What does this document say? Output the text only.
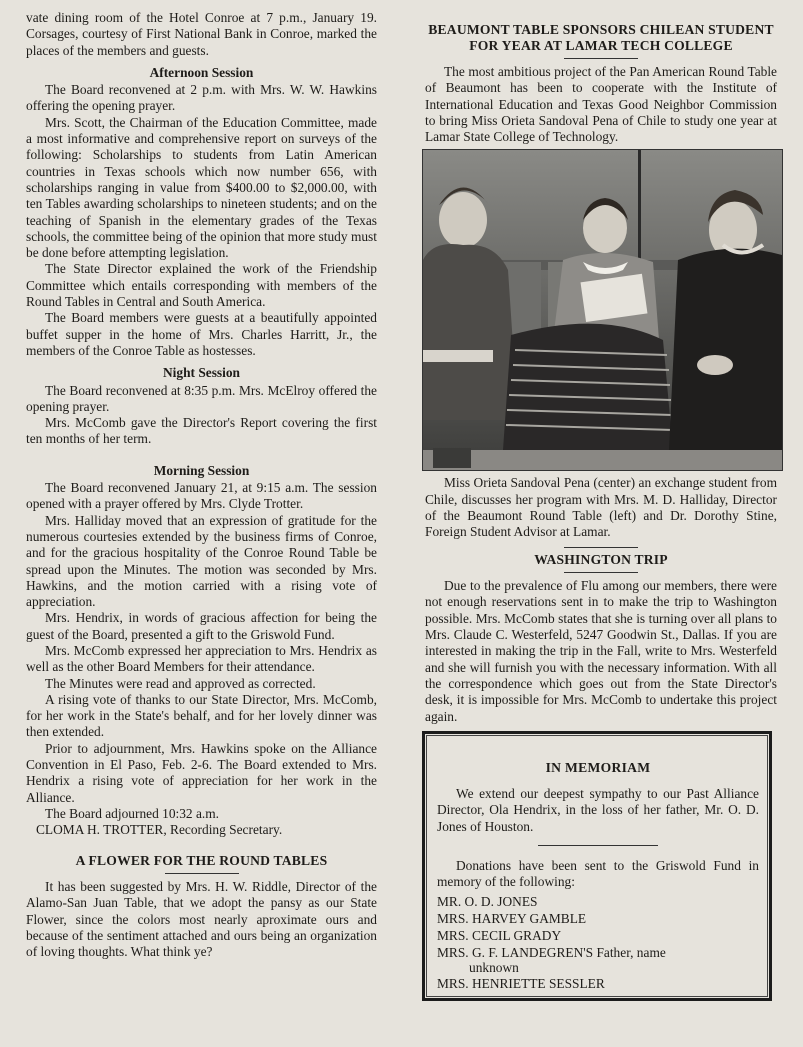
vate dining room of the Hotel Conroe at 7 p.m., January 19. Corsages, courtesy of First National Bank in Conroe, marked the places of the members and guests.

Afternoon Session

The Board reconvened at 2 p.m. with Mrs. W. W. Hawkins offering the opening prayer.

Mrs. Scott, the Chairman of the Education Committee, made a most informative and comprehensive report on surveys of the following: Scholarships to students from Latin American countries in Texas schools which now number 656, with scholarships ranging in value from $400.00 to $2,000.00, with ten Tables awarding scholarships to nineteen students; and on the teaching of Spanish in the elementary grades of the Texas schools, the committee being of the opinion that more study must be done before attempting legislation.

The State Director explained the work of the Friendship Committee which entails corresponding with members of the Round Tables in Central and South America.

The Board members were guests at a beautifully appointed buffet supper in the home of Mrs. Charles Harritt, Jr., the members of the Conroe Table as hostesses.

Night Session

The Board reconvened at 8:35 p.m. Mrs. McElroy offered the opening prayer.

Mrs. McComb gave the Director's Report covering the first ten months of her term.

Morning Session

The Board reconvened January 21, at 9:15 a.m. The session opened with a prayer offered by Mrs. Clyde Trotter.

Mrs. Halliday moved that an expression of gratitude for the numerous courtesies extended by the business firms of Conroe, and for the gracious hospitality of the Conroe Round Table be spread upon the Minutes. The motion was seconded by Mrs. Hawkins, and the motion carried with a rising vote of appreciation.

Mrs. Hendrix, in words of gracious affection for being the guest of the Board, presented a gift to the Griswold Fund.

Mrs. McComb expressed her appreciation to Mrs. Hendrix as well as the other Board Members for their attendance.

The Minutes were read and approved as corrected.

A rising vote of thanks to our State Director, Mrs. McComb, for her work in the State's behalf, and for her lovely dinner was then extended.

Prior to adjournment, Mrs. Hawkins spoke on the Alliance Convention in El Paso, Feb. 2-6. The Board extended to Mrs. Hendrix a rising vote of appreciation for her work in the Alliance.

The Board adjourned 10:32 a.m.

CLOMA H. TROTTER, Recording Secretary.

A FLOWER FOR THE ROUND TABLES

It has been suggested by Mrs. H. W. Riddle, Director of the Alamo-San Juan Table, that we adopt the pansy as our State Flower, since the colors most nearly aproximate ours and because of the sentiment attached and ours being an organization of loving thoughts. What think ye?

BEAUMONT TABLE SPONSORS CHILEAN STUDENT FOR YEAR AT LAMAR TECH COLLEGE

The most ambitious project of the Pan American Round Table of Beaumont has been to cooperate with the Institute of International Education and Texas Good Neighbor Commission to bring Miss Orieta Sandoval Pena of Chile to study one year at Lamar State College of Technology.

Miss Orieta Sandoval Pena (center) an exchange student from Chile, discusses her program with Mrs. M. D. Halliday, Director of the Beaumont Round Table (left) and Dr. Dorothy Stine, Foreign Student Advisor at Lamar.

WASHINGTON TRIP

Due to the prevalence of Flu among our members, there were not enough reservations sent in to make the trip to Washington possible. Mrs. McComb states that she is turning over all plans to Mrs. Claude C. Westerfeld, 5247 Goodwin St., Dallas. If you are interested in making the trip in the Fall, write to Mrs. Westerfeld and she will furnish you with the necessary information. With all the correspondence which goes out from the State Director's desk, it is impossible for Mrs. McComb to undertake this project again.

IN MEMORIAM

We extend our deepest sympathy to our Past Alliance Director, Ola Hendrix, in the loss of her father, Mr. O. D. Jones of Houston.

Donations have been sent to the Griswold Fund in memory of the following:

MR. O. D. JONES
MRS. HARVEY GAMBLE
MRS. CECIL GRADY
MRS. G. F. LANDEGREN'S Father, name
unknown
MRS. HENRIETTE SESSLER
